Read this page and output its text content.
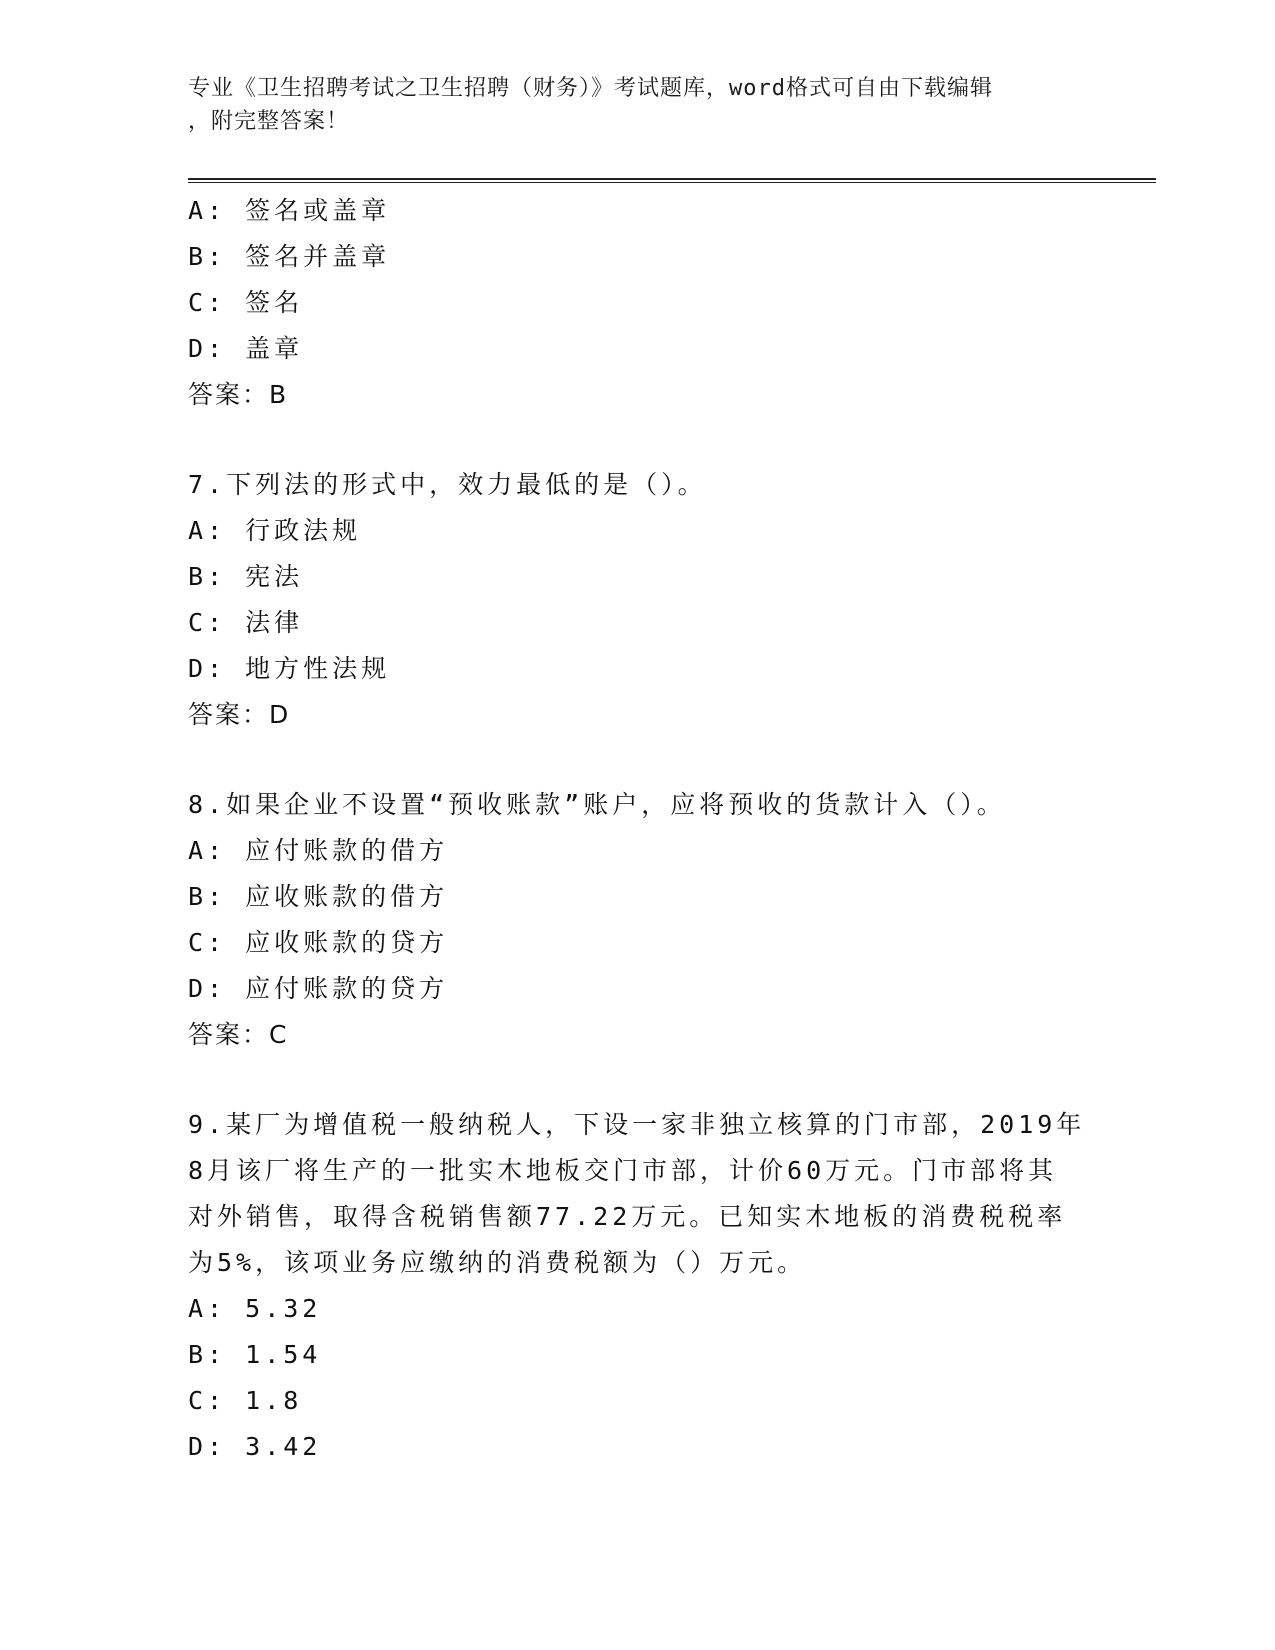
专业《卫生招聘考试之卫生招聘（财务）》考试题库，word格式可自由下载编辑
，附完整答案！
A: 签名或盖章
B: 签名并盖章
C: 签名
D: 盖章
答案：B
7.下列法的形式中，效力最低的是（）。
A: 行政法规
B: 宪法
C: 法律
D: 地方性法规
答案：D
8.如果企业不设置“预收账款”账户，应将预收的货款计入（）。
A: 应付账款的借方
B: 应收账款的借方
C: 应收账款的贷方
D: 应付账款的贷方
答案：C
9.某厂为增值税一般纳税人，下设一家非独立核算的门市部，2019年
8月该厂将生产的一批实木地板交门市部，计价60万元。门市部将其
对外销售，取得含税销售额77.22万元。已知实木地板的消费税税率
为5%，该项业务应缴纳的消费税额为（）万元。
A: 5.32
B: 1.54
C: 1.8
D: 3.42
